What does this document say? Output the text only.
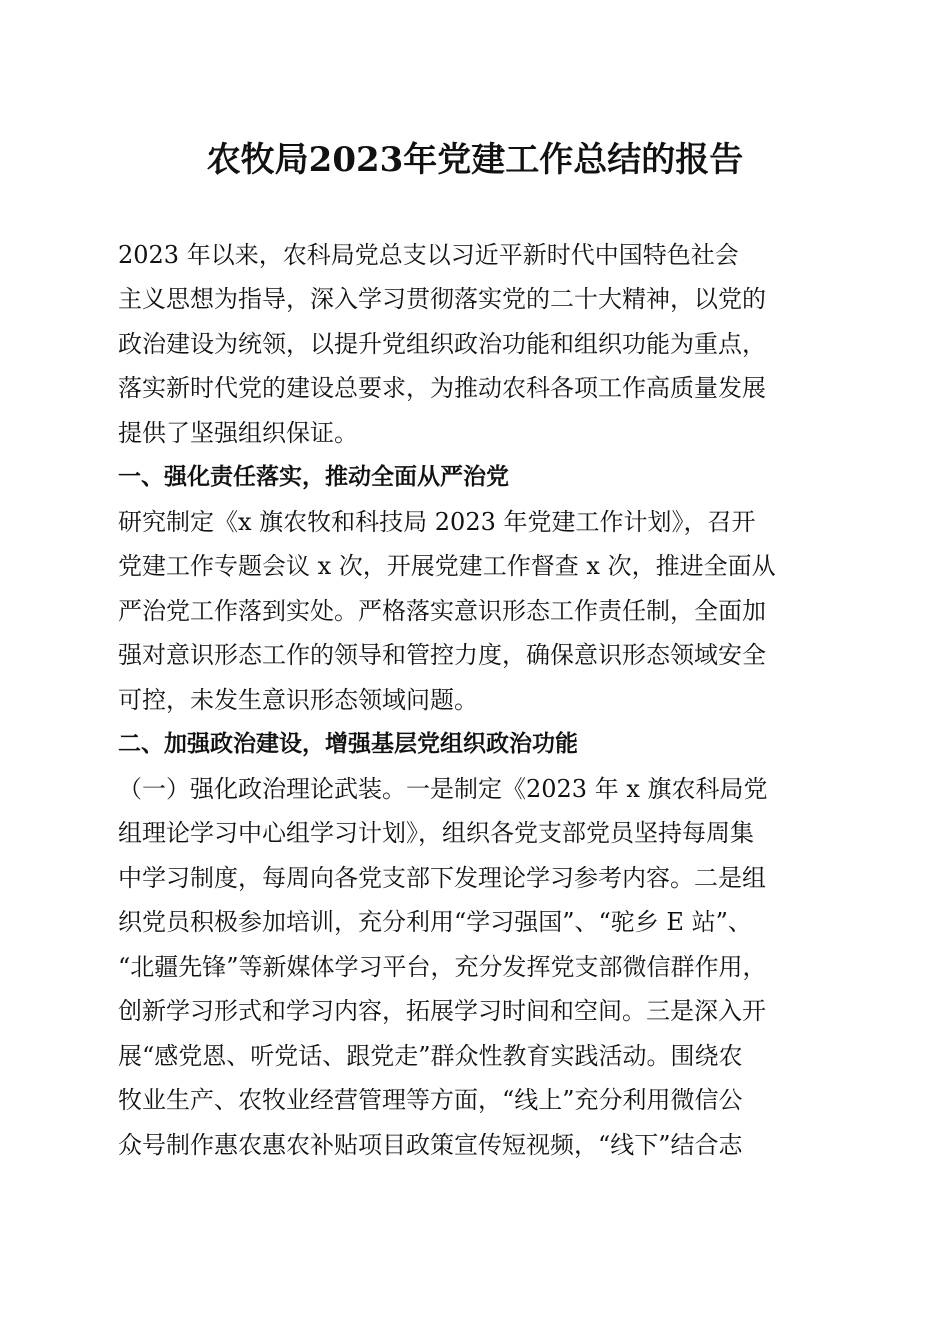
农牧局2023年党建工作总结的报告
2023 年以来，农科局党总支以习近平新时代中国特色社会
主义思想为指导，深入学习贯彻落实党的二十大精神，以党的
政治建设为统领，以提升党组织政治功能和组织功能为重点，
落实新时代党的建设总要求，为推动农科各项工作高质量发展
提供了坚强组织保证。
一、强化责任落实，推动全面从严治党
研究制定《x 旗农牧和科技局 2023 年党建工作计划》，召开
党建工作专题会议 x 次，开展党建工作督查 x 次，推进全面从
严治党工作落到实处。严格落实意识形态工作责任制，全面加
强对意识形态工作的领导和管控力度，确保意识形态领域安全
可控，未发生意识形态领域问题。
二、加强政治建设，增强基层党组织政治功能
（一）强化政治理论武装。一是制定《2023 年 x 旗农科局党
组理论学习中心组学习计划》，组织各党支部党员坚持每周集
中学习制度，每周向各党支部下发理论学习参考内容。二是组
织党员积极参加培训，充分利用“学习强国”、“驼乡 E 站”、
“北疆先锋”等新媒体学习平台，充分发挥党支部微信群作用，
创新学习形式和学习内容，拓展学习时间和空间。三是深入开
展“感党恩、听党话、跟党走”群众性教育实践活动。围绕农
牧业生产、农牧业经营管理等方面，“线上”充分利用微信公
众号制作惠农惠农补贴项目政策宣传短视频，“线下”结合志
